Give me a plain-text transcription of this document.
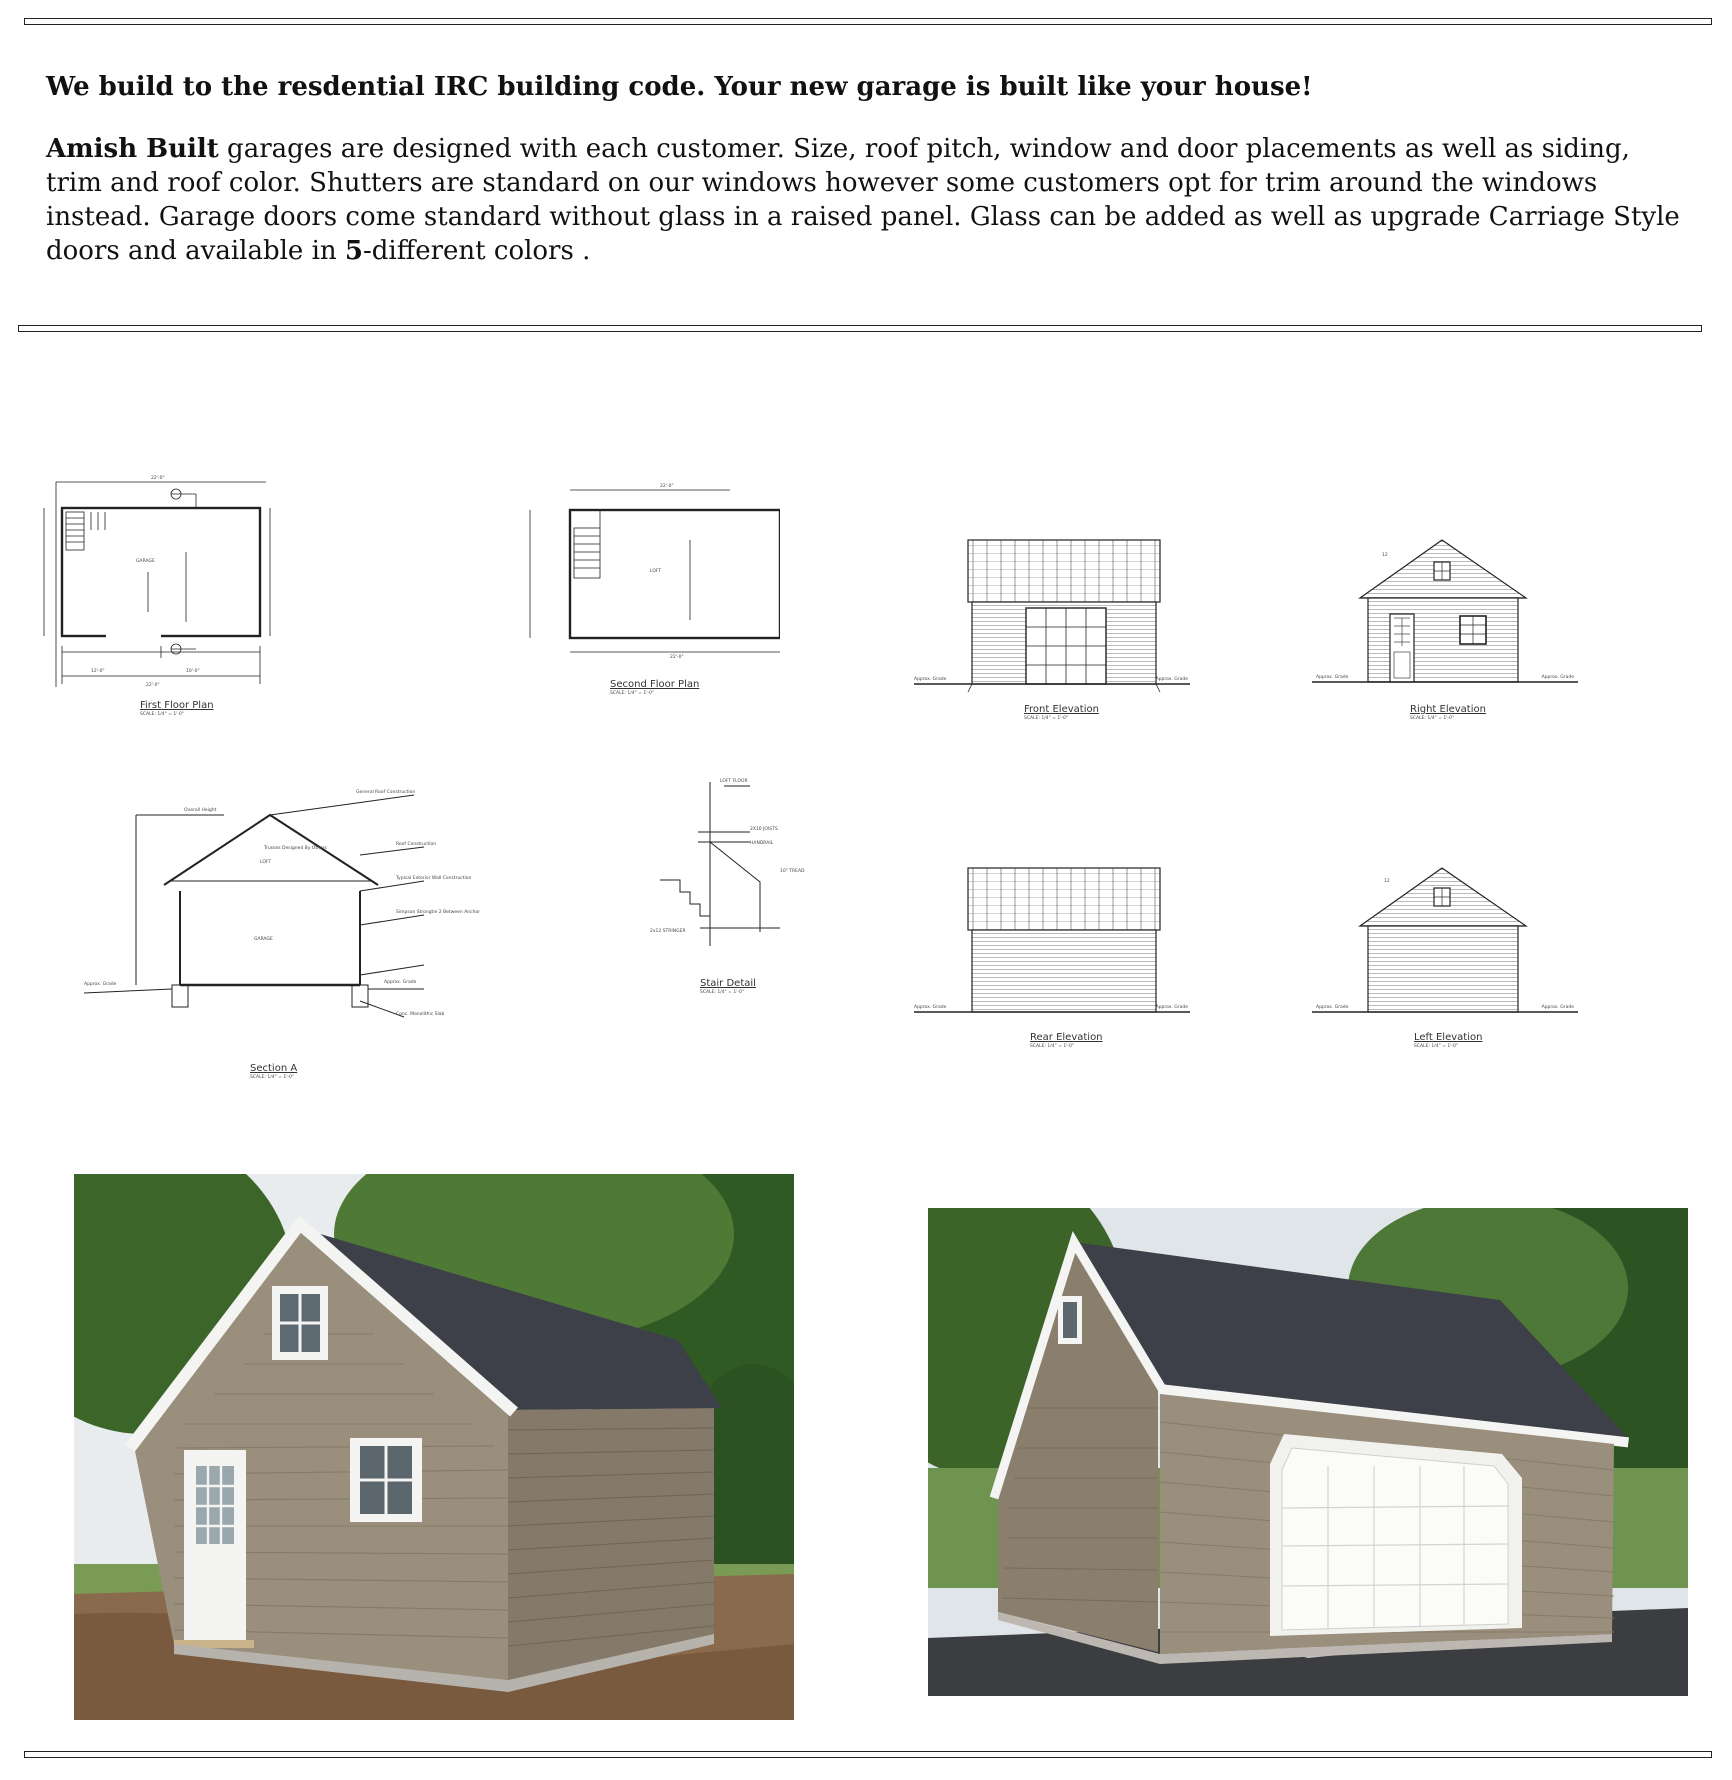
We build to the resdential IRC building code. Your new garage is built like your house!

Amish Built garages are designed with each customer. Size, roof pitch, window and door placements as well as siding, trim and roof color. Shutters are standard on our windows however some customers opt for trim around the windows instead. Garage doors come standard without glass in a raised panel. Glass can be added as well as upgrade Carriage Style doors and available in 5-different colors .

22'-0"
GARAGE
12'-0"	10'-0"
22'-0"
First Floor Plan
SCALE: 1/4" = 1'-0"
22'-0"
LOFT
22'-0"
Second Floor Plan
SCALE: 1/4" = 1'-0"
Approx. Grade	Approx. Grade
Front Elevation
SCALE: 1/4" = 1'-0"
12
Approx. Grade	Approx. Grade
Right Elevation
SCALE: 1/4" = 1'-0"
Overall Height
Trusses Designed By Others
LOFT
GARAGE
General Roof Construction
Roof Construction
Typical Exterior Wall Construction
Simpson Strongtie 2 Between Anchor
Conc. Monolithic Slab
Approx. Grade	Approx. Grade
Section A
SCALE: 1/4" = 1'-0"
LOFT FLOOR
2X10 JOISTS
HANDRAIL
10" TREAD
2x12 STRINGER
Stair Detail
SCALE: 1/4" = 1'-0"
Approx. Grade	Approx. Grade
Rear Elevation
SCALE: 1/4" = 1'-0"
12
Approx. Grade	Approx. Grade
Left Elevation
SCALE: 1/4" = 1'-0"
